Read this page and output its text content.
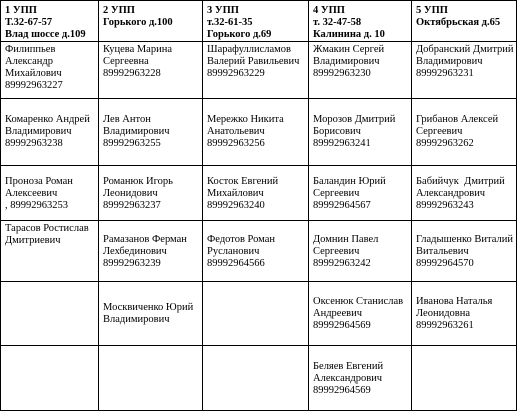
1 УПП
Т.32-67-57
Влад шоссе д.109	2 УПП
Горького д.100	3 УПП
т.32-61-35
Горького д.69	4 УПП
т. 32-47-58
Калинина д. 10	5 УПП
Октябрьская д.65

Филиппьев
Александр
Михайлович
89992963227	Куцева Марина
Сергеевна
89992963228	Шарафуллисламов
Валерий Равильевич
89992963229	Жмакин Сергей
Владимирович
89992963230	Добранский Дмитрий
Владимирович
89992963231

Комаренко Андрей
Владимирович
89992963238	Лев Антон
Владимирович
89992963255	Мережко Никита
Анатольевич
89992963256	Морозов Дмитрий
Борисович
89992963241	Грибанов Алексей
Сергеевич
89992963262

Проноза Роман
Алексеевич
, 89992963253	Романюк Игорь
Леонидович
89992963237	Косток Евгений
Михайлович
89992963240	Баландин Юрий
Сергеевич
89992964567	Бабийчук  Дмитрий
Александрович
89992963243

Тарасов Ростислав
Дмитриевич	Рамазанов Ферман
Лехбединович
89992963239	Федотов Роман
Русланович
89992964566	Домнин Павел
Сергеевич
89992963242	Гладышенко Виталий
Витальевич
89992964570

	Москвиченко Юрий
Владимирович		Оксенюк Станислав
Андреевич
89992964569	Иванова Наталья
Леонидовна
89992963261

			Беляев Евгений
Александрович
89992964569	
